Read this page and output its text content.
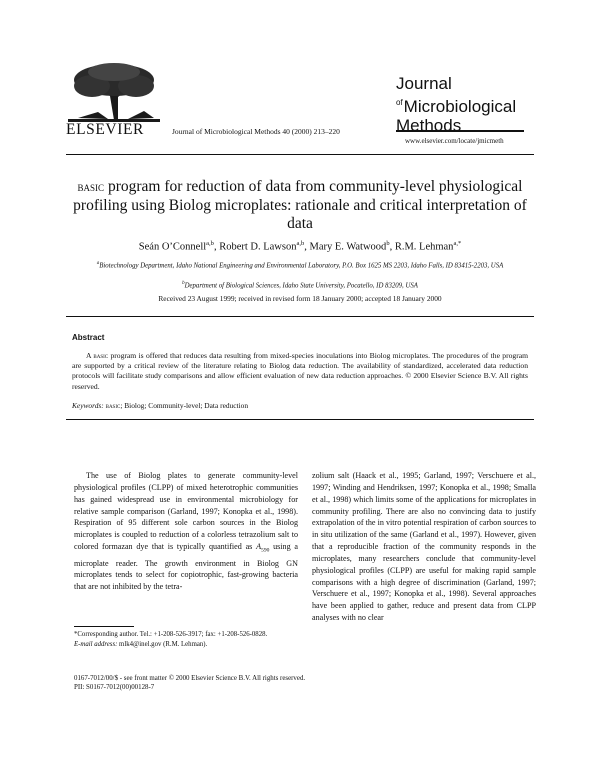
ELSEVIER	Journal of Microbiological Methods 40 (2000) 213–220
Journal
$^{of}$Microbiological
Methods
www.elsevier.com/locate/jmicmeth
basic program for reduction of data from community-level physiological profiling using Biolog microplates: rationale and critical interpretation of data
Seán O’Connell$^{a,b}$, Robert D. Lawson$^{a,b}$, Mary E. Watwood$^b$, R.M. Lehman$^{a,*}$
$^a$Biotechnology Department, Idaho National Engineering and Environmental Laboratory, P.O. Box 1625 MS 2203, Idaho Falls, ID 83415-2203, USA
$^b$Department of Biological Sciences, Idaho State University, Pocatello, ID 83209, USA
Received 23 August 1999; received in revised form 18 January 2000; accepted 18 January 2000
Abstract
A basic program is offered that reduces data resulting from mixed-species inoculations into Biolog microplates. The procedures of the program are supported by a critical review of the literature relating to Biolog data reduction. The availability of standardized, accelerated data reduction protocols will facilitate study comparisons and allow efficient evaluation of new data reduction approaches. © 2000 Elsevier Science B.V. All rights reserved.
Keywords: basic; Biolog; Community-level; Data reduction
The use of Biolog plates to generate community-level physiological profiles (CLPP) of mixed heterotrophic communities has gained widespread use in environmental microbiology for relative sample comparison (Garland, 1997; Konopka et al., 1998). Respiration of 95 different sole carbon sources in the Biolog microplates is coupled to reduction of a colorless tetrazolium salt to colored formazan dye that is typically quantified as $A_{590}$ using a microplate reader. The growth environment in Biolog GN microplates tends to select for copiotrophic, fast-growing bacteria that are not inhibited by the tetra-
zolium salt (Haack et al., 1995; Garland, 1997; Verschuere et al., 1997; Winding and Hendriksen, 1997; Konopka et al., 1998; Smalla et al., 1998) which limits some of the applications for microplates in community profiling. There are also no convincing data to justify extrapolation of the in vitro potential respiration of carbon sources to in situ utilization of the same (Garland et al., 1997). However, given that a reproducible fraction of the community responds in the microplates, many researchers conclude that community-level physiological profiles (CLPP) are useful for making rapid sample comparisons with a high degree of discrimination (Garland, 1997; Verschuere et al., 1997; Konopka et al., 1998). Several approaches have been applied to gather, reduce and present data from CLPP analyses with no clear
*Corresponding author. Tel.: +1-208-526-3917; fax: +1-208-526-0828.
E-mail address: mlk4@inel.gov (R.M. Lehman).
0167-7012/00/$ - see front matter © 2000 Elsevier Science B.V. All rights reserved.
PII: S0167-7012(00)00128-7
